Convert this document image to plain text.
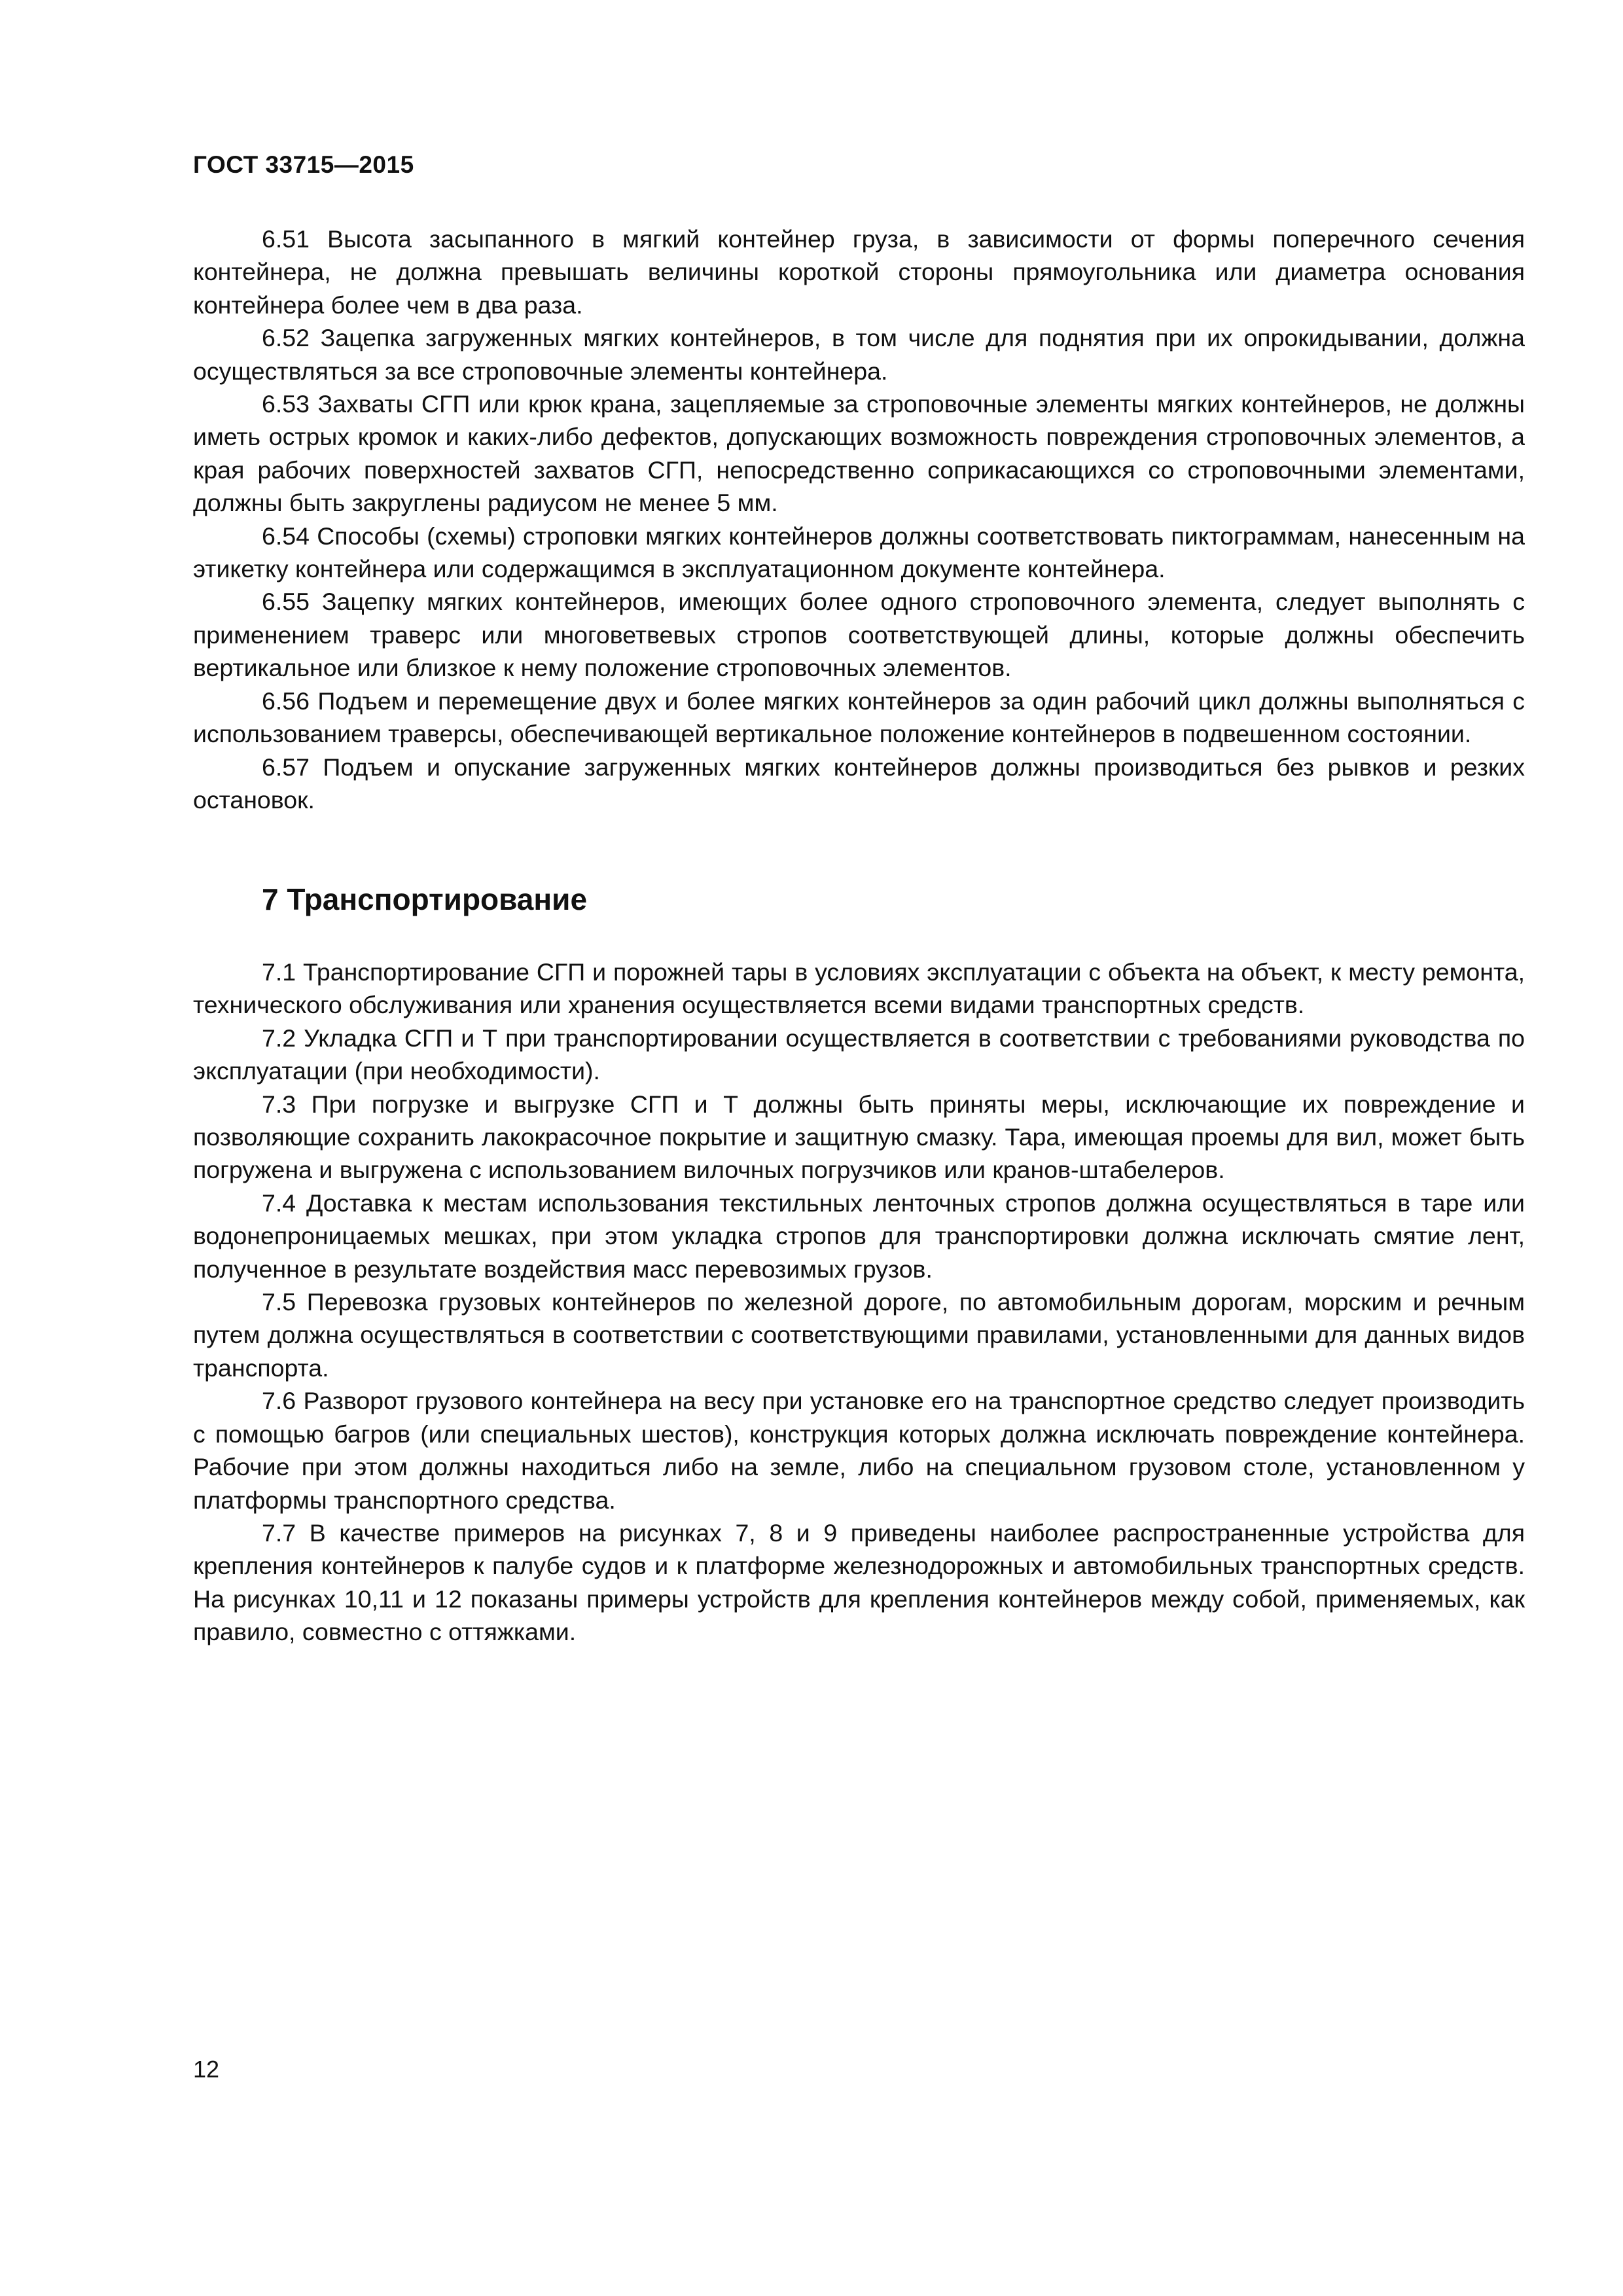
ГОСТ 33715—2015

6.51 Высота засыпанного в мягкий контейнер груза, в зависимости от формы поперечного сечения контейнера, не должна превышать величины короткой стороны прямоугольника или диаметра основания контейнера более чем в два раза.

6.52 Зацепка загруженных мягких контейнеров, в том числе для поднятия при их опрокидывании, должна осуществляться за все строповочные элементы контейнера.

6.53 Захваты СГП или крюк крана, зацепляемые за строповочные элементы мягких контейнеров, не должны иметь острых кромок и каких-либо дефектов, допускающих возможность повреждения строповочных элементов, а края рабочих поверхностей захватов СГП, непосредственно соприкасающихся со строповочными элементами, должны быть закруглены радиусом не менее 5 мм.

6.54 Способы (схемы) строповки мягких контейнеров должны соответствовать пиктограммам, нанесенным на этикетку контейнера или содержащимся в эксплуатационном документе контейнера.

6.55 Зацепку мягких контейнеров, имеющих более одного строповочного элемента, следует выполнять с применением траверс или многоветвевых стропов соответствующей длины, которые должны обеспечить вертикальное или близкое к нему положение строповочных элементов.

6.56 Подъем и перемещение двух и более мягких контейнеров за один рабочий цикл должны выполняться с использованием траверсы, обеспечивающей вертикальное положение контейнеров в подвешенном состоянии.

6.57 Подъем и опускание загруженных мягких контейнеров должны производиться без рывков и резких остановок.

7 Транспортирование

7.1 Транспортирование СГП и порожней тары в условиях эксплуатации с объекта на объект, к месту ремонта, технического обслуживания или хранения осуществляется всеми видами транспортных средств.

7.2 Укладка СГП и Т при транспортировании осуществляется в соответствии с требованиями руководства по эксплуатации (при необходимости).

7.3 При погрузке и выгрузке СГП и Т должны быть приняты меры, исключающие их повреждение и позволяющие сохранить лакокрасочное покрытие и защитную смазку. Тара, имеющая проемы для вил, может быть погружена и выгружена с использованием вилочных погрузчиков или кранов-штабелеров.

7.4 Доставка к местам использования текстильных ленточных стропов должна осуществляться в таре или водонепроницаемых мешках, при этом укладка стропов для транспортировки должна исключать смятие лент, полученное в результате воздействия масс перевозимых грузов.

7.5 Перевозка грузовых контейнеров по железной дороге, по автомобильным дорогам, морским и речным путем должна осуществляться в соответствии с соответствующими правилами, установленными для данных видов транспорта.

7.6 Разворот грузового контейнера на весу при установке его на транспортное средство следует производить с помощью багров (или специальных шестов), конструкция которых должна исключать повреждение контейнера. Рабочие при этом должны находиться либо на земле, либо на специальном грузовом столе, установленном у платформы транспортного средства.

7.7 В качестве примеров на рисунках 7, 8 и 9 приведены наиболее распространенные устройства для крепления контейнеров к палубе судов и к платформе железнодорожных и автомобильных транспортных средств. На рисунках 10,11 и 12 показаны примеры устройств для крепления контейнеров между собой, применяемых, как правило, совместно с оттяжками.

12
